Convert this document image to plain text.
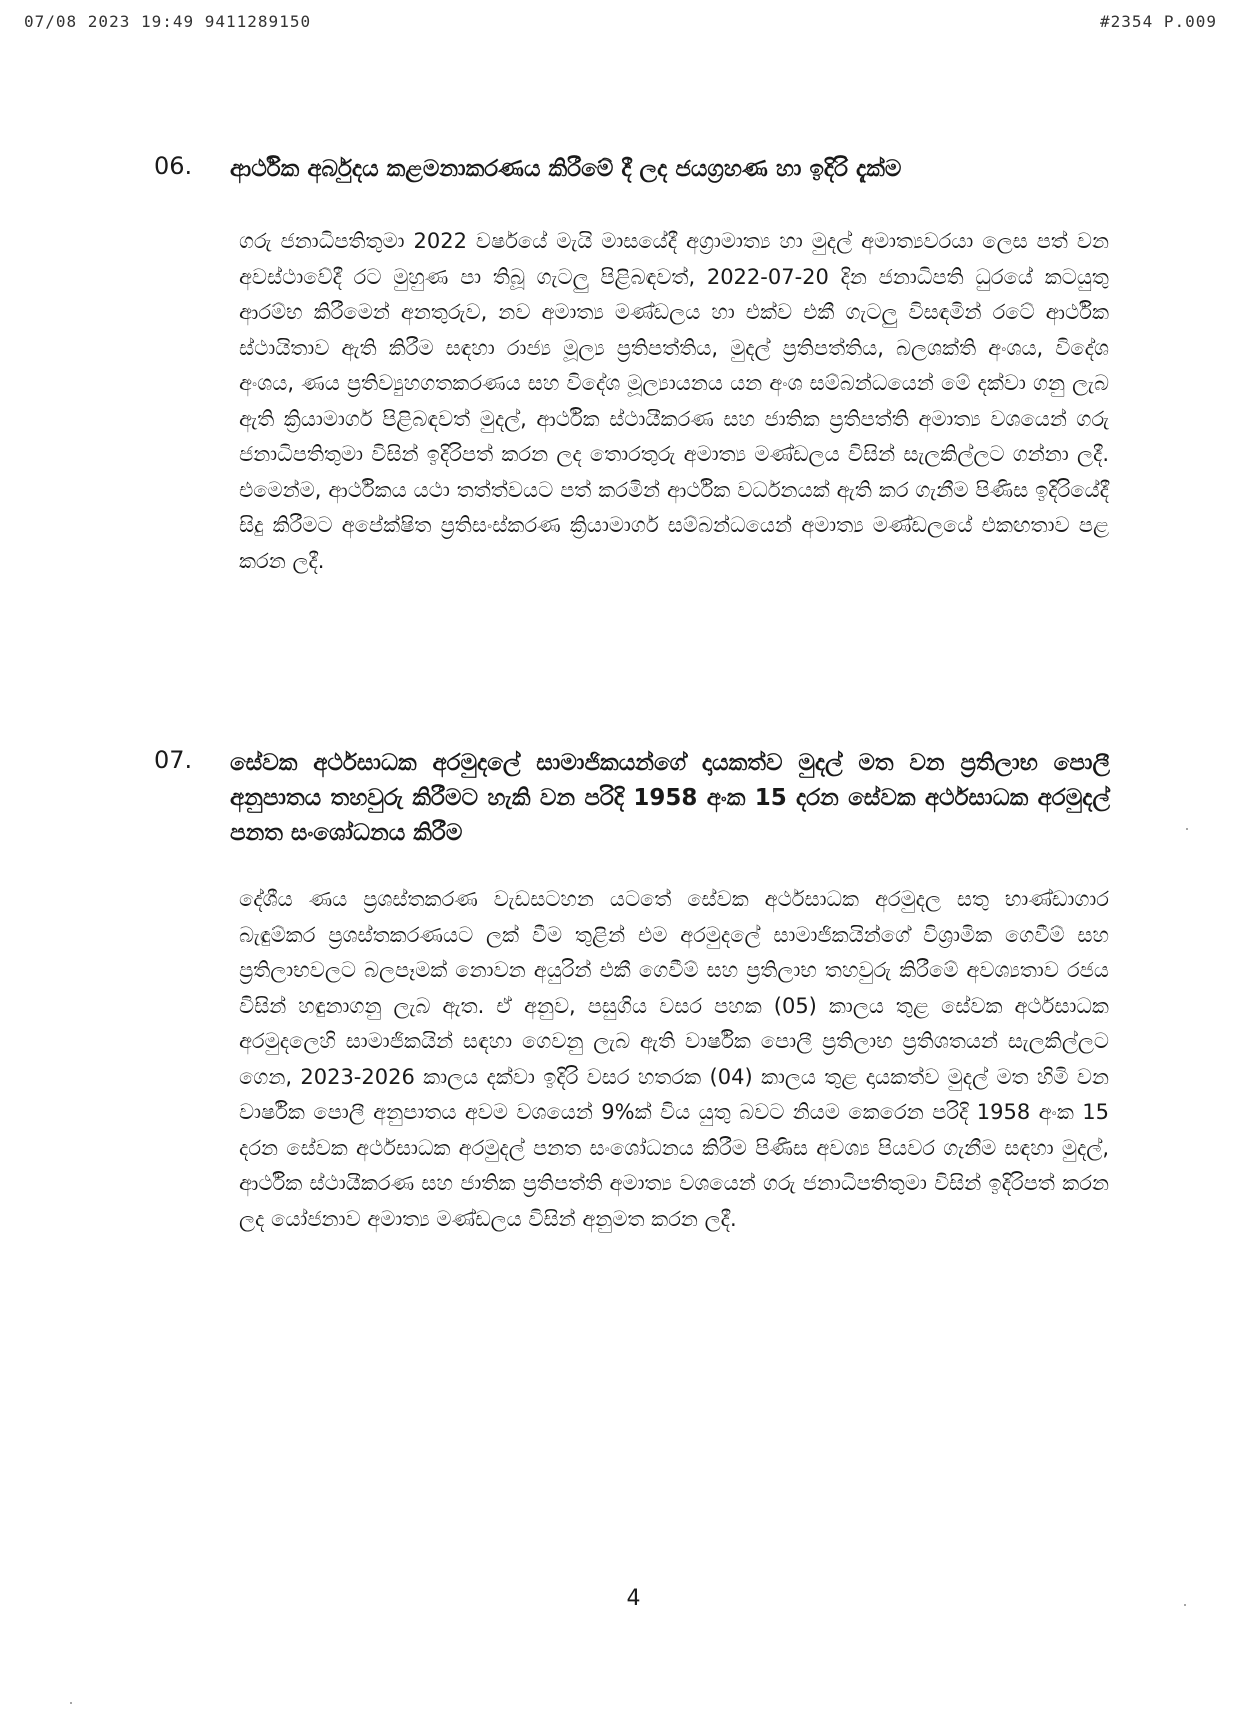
07/08 2023 19:49 9411289150	#2354 P.009
06. ආර්ථික අර්බුදය කළමනාකරණය කිරීමේ දී ලද ජයග්‍රහණ හා ඉදිරි දැක්ම
ගරු ජනාධිපතිතුමා 2022 වර්ෂයේ මැයි මාසයේදී අග්‍රාමාත්‍ය හා මුදල් අමාත්‍යවරයා ලෙස පත් වන අවස්ථාවේදී රට මුහුණ පා තිබූ ගැටලු පිළිබඳවත්, 2022-07-20 දින ජනාධිපති ධුරයේ කටයුතු ආරම්භ කිරීමෙන් අනතුරුව, නව අමාත්‍ය මණ්ඩලය හා එක්ව එකී ගැටලු විසඳමින් රටේ ආර්ථික ස්ථායිතාව ඇති කිරීම සඳහා රාජ්‍ය මූල්‍ය ප්‍රතිපත්තිය, මුදල් ප්‍රතිපත්තිය, බලශක්ති අංශය, විදේශ අංශය, ණය ප්‍රතිව්‍යුහගතකරණය සහ විදේශ මූල්‍යායනය යන අංශ සම්බන්ධයෙන් මේ දක්වා ගනු ලැබ ඇති ක්‍රියාමාර්ග පිළිබඳවත් මුදල්, ආර්ථික ස්ථායීකරණ සහ ජාතික ප්‍රතිපත්ති අමාත්‍ය වශයෙන් ගරු ජනාධිපතිතුමා විසින් ඉදිරිපත් කරන ලද තොරතුරු අමාත්‍ය මණ්ඩලය විසින් සැලකිල්ලට ගන්නා ලදී. එමෙන්ම, ආර්ථිකය යථා තත්ත්වයට පත් කරමින් ආර්ථික වර්ධනයක් ඇති කර ගැනීම පිණිස ඉදිරියේදී සිදු කිරීමට අපේක්ෂිත ප්‍රතිසංස්කරණ ක්‍රියාමාර්ග සම්බන්ධයෙන් අමාත්‍ය මණ්ඩලයේ එකඟතාව පළ කරන ලදී.
07. සේවක අර්ථසාධක අරමුදලේ සාමාජිකයන්ගේ දායකත්ව මුදල් මත වන ප්‍රතිලාභ පොලී අනුපාතය තහවුරු කිරීමට හැකි වන පරිදි 1958 අංක 15 දරන සේවක අර්ථසාධක අරමුදල් පනත සංශෝධනය කිරීම
දේශීය ණය ප්‍රශස්තකරණ වැඩසටහන යටතේ සේවක අර්ථසාධක අරමුදල සතු භාණ්ඩාගාර බැඳුම්කර ප්‍රශස්තකරණයට ලක් වීම තුළින් එම අරමුදලේ සාමාජිකයින්ගේ විශ්‍රාමික ගෙවීම් සහ ප්‍රතිලාභවලට බලපෑමක් නොවන අයුරින් එකී ගෙවීම් සහ ප්‍රතිලාභ තහවුරු කිරීමේ අවශ්‍යතාව රජය විසින් හඳුනාගනු ලැබ ඇත. ඒ අනුව, පසුගිය වසර පහක (05) කාලය තුළ සේවක අර්ථසාධක අරමුදලෙහි සාමාජිකයින් සඳහා ගෙවනු ලැබ ඇති වාර්ෂික පොලී ප්‍රතිලාභ ප්‍රතිශතයන් සැලකිල්ලට ගෙන, 2023-2026 කාලය දක්වා ඉදිරි වසර හතරක (04) කාලය තුළ දායකත්ව මුදල් මත හිමි වන වාර්ෂික පොලී අනුපාතය අවම වශයෙන් 9%ක් විය යුතු බවට නියම කෙරෙන පරිදි 1958 අංක 15 දරන සේවක අර්ථසාධක අරමුදල් පනත සංශෝධනය කිරීම පිණිස අවශ්‍ය පියවර ගැනීම සඳහා මුදල්, ආර්ථික ස්ථායීකරණ සහ ජාතික ප්‍රතිපත්ති අමාත්‍ය වශයෙන් ගරු ජනාධිපතිතුමා විසින් ඉදිරිපත් කරන ලද යෝජනාව අමාත්‍ය මණ්ඩලය විසින් අනුමත කරන ලදී.
4
